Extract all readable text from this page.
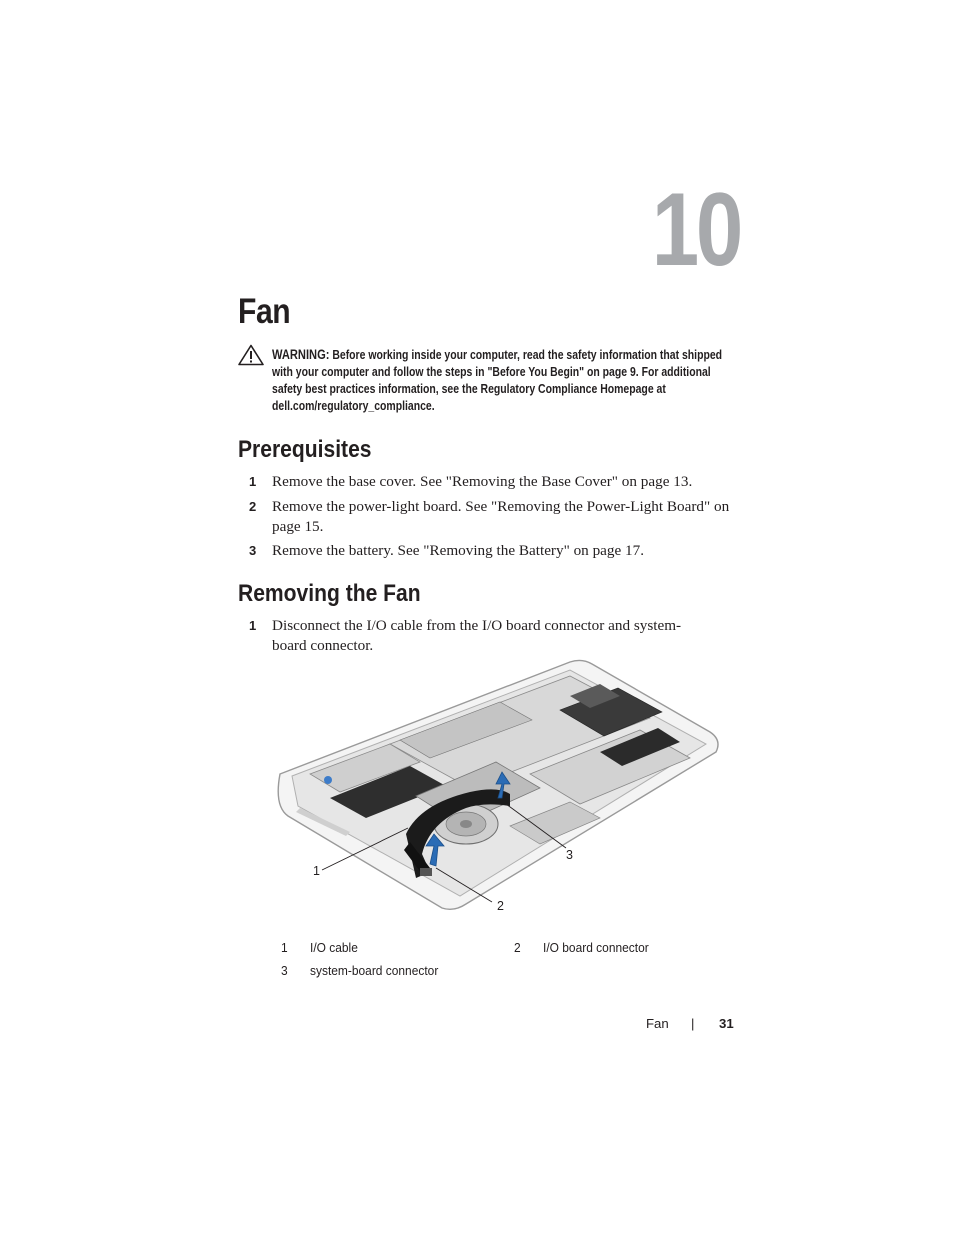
10
Fan
WARNING: Before working inside your computer, read the safety information that shipped with your computer and follow the steps in "Before You Begin" on page 9. For additional safety best practices information, see the Regulatory Compliance Homepage at dell.com/regulatory_compliance.
Prerequisites
1 Remove the base cover. See "Removing the Base Cover" on page 13.
2 Remove the power-light board. See "Removing the Power-Light Board" on page 15.
3 Remove the battery. See "Removing the Battery" on page 17.
Removing the Fan
1 Disconnect the I/O cable from the I/O board connector and system-board connector.
1
2
3
1 I/O cable	2 I/O board connector
3 system-board connector
Fan | 31
